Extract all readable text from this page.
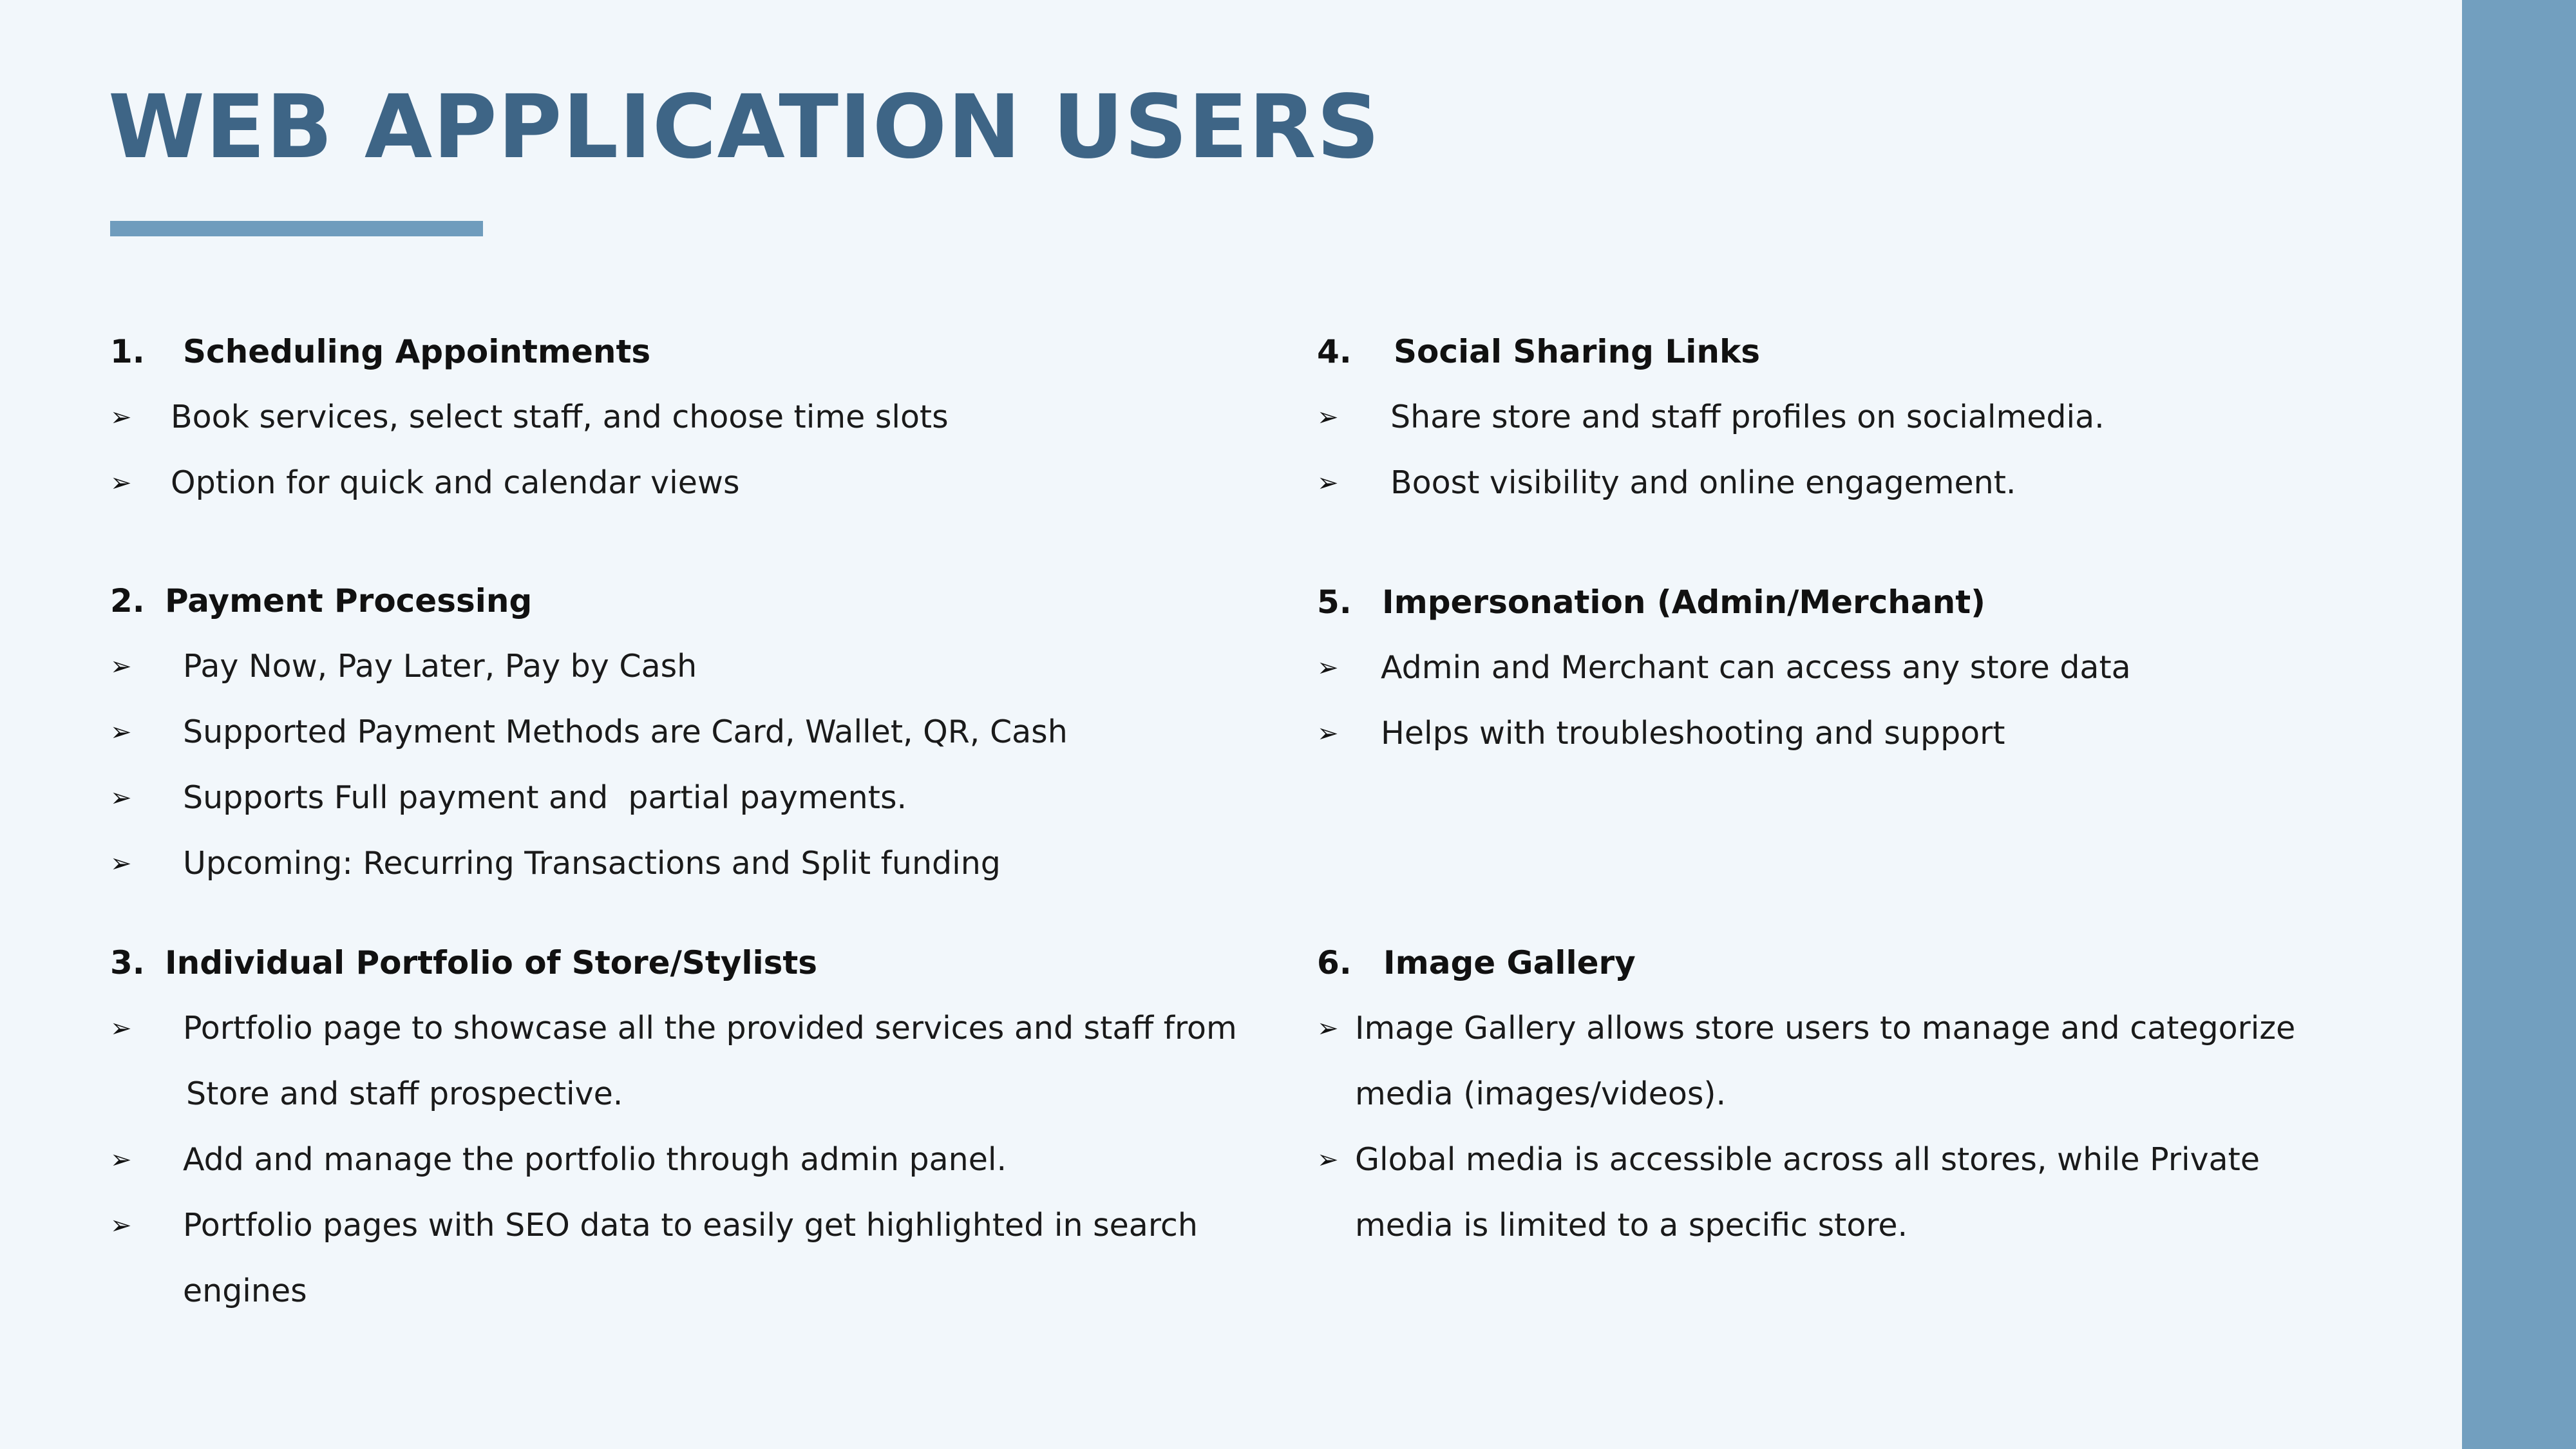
WEB APPLICATION USERS
1. Scheduling Appointments
➢ Book services, select staff, and choose time slots
➢ Option for quick and calendar views
2. Payment Processing
➢ Pay Now, Pay Later, Pay by Cash
➢ Supported Payment Methods are Card, Wallet, QR, Cash
➢ Supports Full payment and  partial payments.
➢ Upcoming: Recurring Transactions and Split funding
3. Individual Portfolio of Store/Stylists
➢ Portfolio page to showcase all the provided services and staff from
Store and staff prospective.
➢ Add and manage the portfolio through admin panel.
➢ Portfolio pages with SEO data to easily get highlighted in search
engines
4. Social Sharing Links
➢ Share store and staff profiles on socialmedia.
➢ Boost visibility and online engagement.
5. Impersonation (Admin/Merchant)
➢ Admin and Merchant can access any store data
➢ Helps with troubleshooting and support
6. Image Gallery
➢ Image Gallery allows store users to manage and categorize
media (images/videos).
➢ Global media is accessible across all stores, while Private
media is limited to a specific store.
